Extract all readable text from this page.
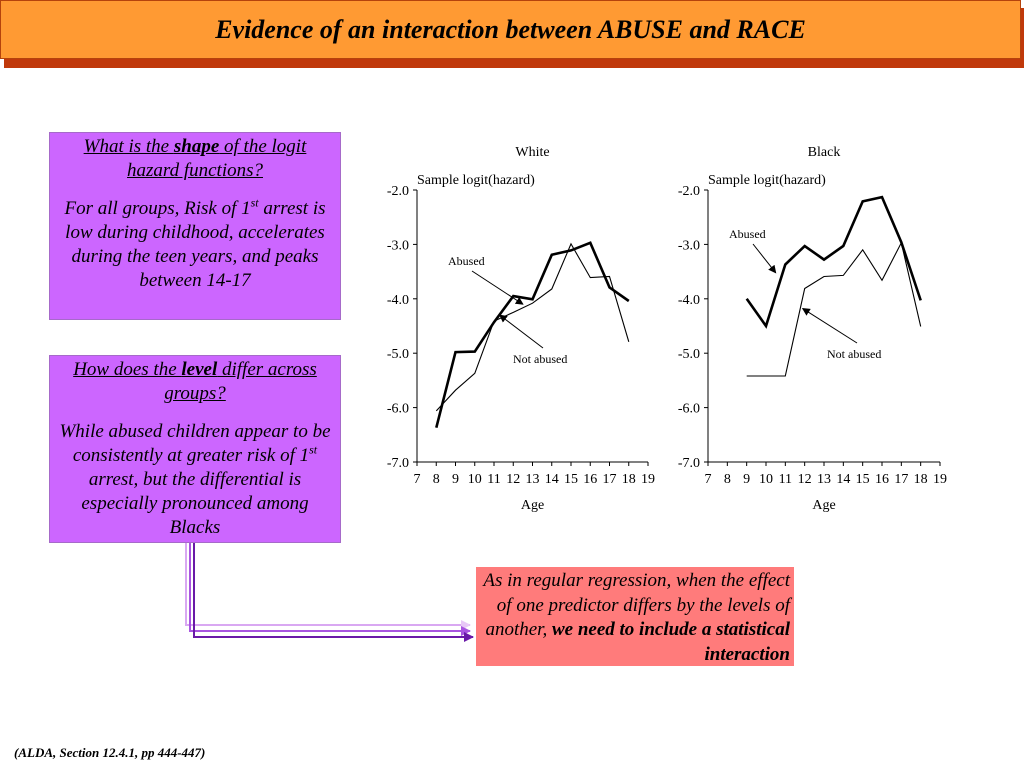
Evidence of an interaction between ABUSE and RACE

What is the shape of the logit hazard functions?

For all groups, Risk of 1st arrest is low during childhood, accelerates during the teen years, and peaks between 14-17

How does the level differ across groups?

While abused children appear to be consistently at greater risk of 1st arrest, but the differential is especially pronounced among Blacks

White
Sample logit(hazard)
Age
-2.0
-3.0
-4.0
-5.0
-6.0
-7.0
7 8 9 10 11 12 13 14 15 16 17 18 19
Abused
Not abused
Black
Sample logit(hazard)
Age
-2.0
-3.0
-4.0
-5.0
-6.0
-7.0
7 8 9 10 11 12 13 14 15 16 17 18 19
Abused
Not abused
As in regular regression, when the effect of one predictor differs by the levels of another, we need to include a statistical interaction
(ALDA, Section 12.4.1, pp 444-447)
